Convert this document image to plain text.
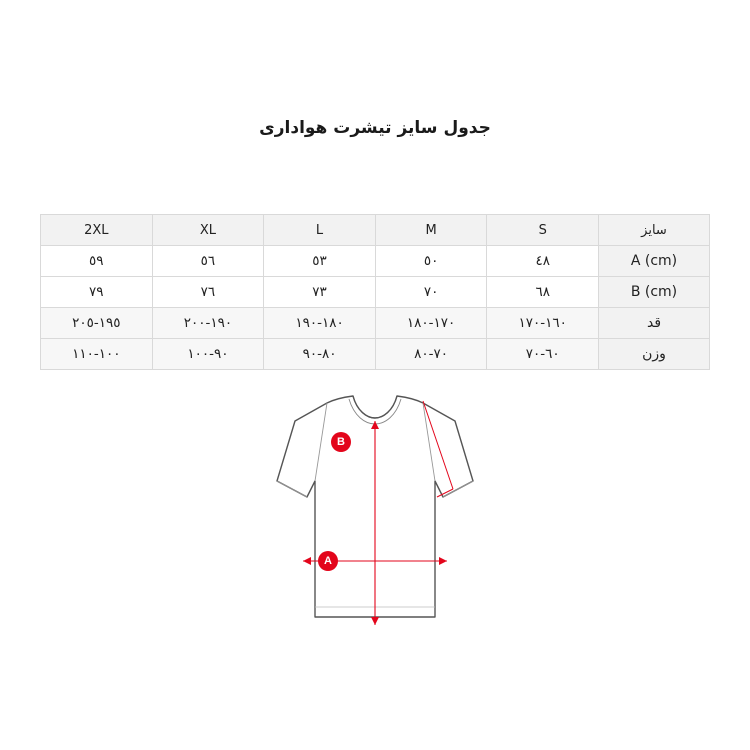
جدول سایز تیشرت هواداری
سایز	S	M	L	XL	2XL
A (cm)	٤٨	٥٠	٥٣	٥٦	٥٩
B (cm)	٦٨	٧٠	٧٣	٧٦	٧٩
قد	١٦٠-١٧٠	١٧٠-١٨٠	١٨٠-١٩٠	١٩٠-٢٠٠	١٩٥-٢٠٥
وزن	٦٠-٧٠	٧٠-٨٠	٨٠-٩٠	٩٠-١٠٠	١٠٠-١١٠
B
A
